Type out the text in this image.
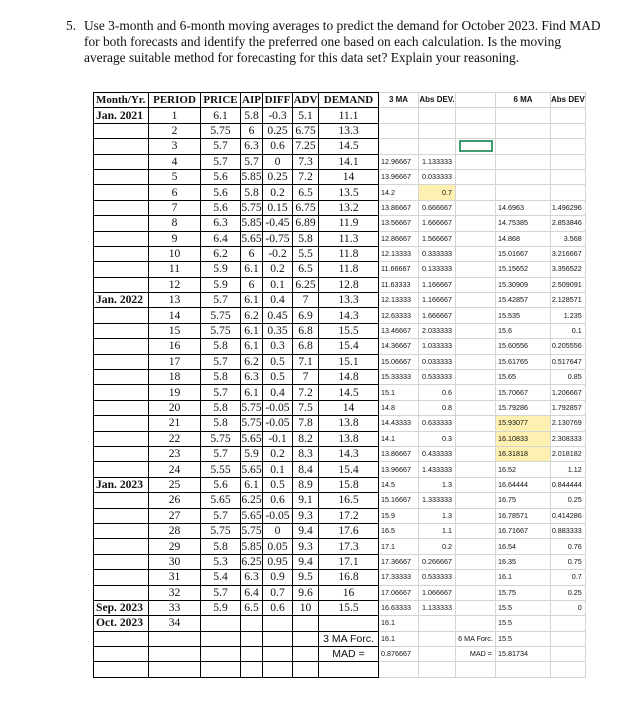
5. Use 3-month and 6-month moving averages to predict the demand for October 2023. Find MAD for both forecasts and identify the preferred one based on each calculation. Is the moving average suitable method for forecasting for this data set? Explain your reasoning.

Month/Yr.	PERIOD	PRICE	AIP	DIFF	ADV	DEMAND	3 MA	Abs DEV.		6 MA	Abs DEV
Jan. 2021	1	6.1	5.8	-0.3	5.1	11.1					
	2	5.75	6	0.25	6.75	13.3					
	3	5.7	6.3	0.6	7.25	14.5					
	4	5.7	5.7	0	7.3	14.1	12.96667	1.133333			
	5	5.6	5.85	0.25	7.2	14	13.96667	0.033333			
	6	5.6	5.8	0.2	6.5	13.5	14.2	0.7			
	7	5.6	5.75	0.15	6.75	13.2	13.86667	0.666667		14.6963	1.496296
	8	6.3	5.85	-0.45	6.89	11.9	13.56667	1.666667		14.75385	2.853846
	9	6.4	5.65	-0.75	5.8	11.3	12.86667	1.566667		14.868	3.568
	10	6.2	6	-0.2	5.5	11.8	12.13333	0.333333		15.01667	3.216667
	11	5.9	6.1	0.2	6.5	11.8	11.66667	0.133333		15.15652	3.356522
	12	5.9	6	0.1	6.25	12.8	11.63333	1.166667		15.30909	2.509091
Jan. 2022	13	5.7	6.1	0.4	7	13.3	12.13333	1.166667		15.42857	2.128571
	14	5.75	6.2	0.45	6.9	14.3	12.63333	1.666667		15.535	1.235
	15	5.75	6.1	0.35	6.8	15.5	13.46667	2.033333		15.6	0.1
	16	5.8	6.1	0.3	6.8	15.4	14.36667	1.033333		15.60556	0.205556
	17	5.7	6.2	0.5	7.1	15.1	15.06667	0.033333		15.61765	0.517647
	18	5.8	6.3	0.5	7	14.8	15.33333	0.533333		15.65	0.85
	19	5.7	6.1	0.4	7.2	14.5	15.1	0.6		15.70667	1.206667
	20	5.8	5.75	-0.05	7.5	14	14.8	0.8		15.79286	1.792857
	21	5.8	5.75	-0.05	7.8	13.8	14.43333	0.633333		15.93077	2.130769
	22	5.75	5.65	-0.1	8.2	13.8	14.1	0.3		16.10833	2.308333
	23	5.7	5.9	0.2	8.3	14.3	13.86667	0.433333		16.31818	2.018182
	24	5.55	5.65	0.1	8.4	15.4	13.96667	1.433333		16.52	1.12
Jan. 2023	25	5.6	6.1	0.5	8.9	15.8	14.5	1.3		16.64444	0.844444
	26	5.65	6.25	0.6	9.1	16.5	15.16667	1.333333		16.75	0.25
	27	5.7	5.65	-0.05	9.3	17.2	15.9	1.3		16.78571	0.414286
	28	5.75	5.75	0	9.4	17.6	16.5	1.1		16.71667	0.883333
	29	5.8	5.85	0.05	9.3	17.3	17.1	0.2		16.54	0.76
	30	5.3	6.25	0.95	9.4	17.1	17.36667	0.266667		16.35	0.75
	31	5.4	6.3	0.9	9.5	16.8	17.33333	0.533333		16.1	0.7
	32	5.7	6.4	0.7	9.6	16	17.06667	1.066667		15.75	0.25
Sep. 2023	33	5.9	6.5	0.6	10	15.5	16.63333	1.133333		15.5	0
Oct. 2023	34						16.1			15.5	
						3 MA Forc.	16.1		6 MA Forc.	15.5	
						MAD =	0.876667		MAD =	15.81734	
